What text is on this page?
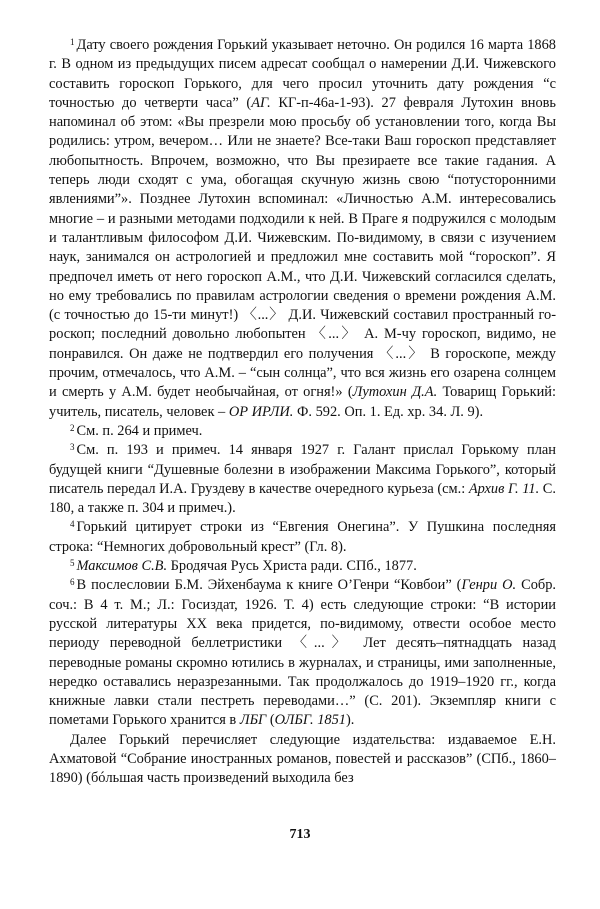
$^1$ Дату своего рождения Горький указывает неточно. Он родился 16 марта 1868 г. В одном из предыдущих писем адресат сообщал о намерении Д.И. Чижевского составить гороскоп Горького, для чего просил уточнить дату рождения “с точностью до четверти часа” (АГ. КГ-п-46а-1-93). 27 февраля Лутохин вновь напоминал об этом: «Вы презрели мою просьбу об установлении того, когда Вы родились: утром, вечером… Или не знаете? Все-таки Ваш гороскоп представляет любопытность. Впрочем, возможно, что Вы презираете все такие гадания. А теперь люди сходят с ума, обогащая скучную жизнь свою “потусторонними явлениями”». Позднее Лутохин вспоминал: «Личностью А.М. интересовались многие – и разными методами подходили к ней. В Праге я подружился с молодым и талантливым философом Д.И. Чижевским. По-видимому, в связи с изучением наук, занимался он астрологией и предложил мне составить мой “гороскоп”. Я предпочел иметь от него гороскоп А.М., что Д.И. Чижевский согласился сделать, но ему требовались по правилам астрологии сведения о времени рождения А.М. (с точностью до 15-ти минут!) 〈...〉 Д.И. Чижевский составил пространный гороскоп; последний довольно любопытен 〈...〉 А. М-чу гороскоп, видимо, не понравился. Он даже не подтвердил его получения 〈...〉 В гороскопе, между прочим, отмечалось, что А.М. – “сын солнца”, что вся жизнь его озарена солнцем и смерть у А.М. будет необычайная, от огня!» (Лутохин Д.А. Товарищ Горький: учитель, писатель, человек – ОР ИРЛИ. Ф. 592. Оп. 1. Ед. хр. 34. Л. 9).

$^2$ См. п. 264 и примеч.

$^3$ См. п. 193 и примеч. 14 января 1927 г. Галант прислал Горькому план будущей книги “Душевные болезни в изображении Максима Горького”, который писатель передал И.А. Груздеву в качестве очередного курьеза (см.: Архив Г. 11. С. 180, а также п. 304 и примеч.).

$^4$ Горький цитирует строки из “Евгения Онегина”. У Пушкина последняя строка: “Немногих добровольный крест” (Гл. 8).

$^5$ Максимов С.В. Бродячая Русь Христа ради. СПб., 1877.

$^6$ В послесловии Б.М. Эйхенбаума к книге О’Генри “Ковбои” (Генри О. Собр. соч.: В 4 т. М.; Л.: Госиздат, 1926. Т. 4) есть следующие строки: “В истории русской литературы XX века придется, по-видимому, отвести особое место периоду переводной беллетристики 〈...〉 Лет десять–пятнадцать назад переводные романы скромно ютились в журналах, и страницы, ими заполненные, нередко оставались неразрезанными. Так продолжалось до 1919–1920 гг., когда книжные лавки стали пестреть переводами…” (С. 201). Экземпляр книги с пометами Горького хранится в ЛБГ (ОЛБГ. 1851).

Далее Горький перечисляет следующие издательства: издаваемое Е.Н. Ахматовой “Собрание иностранных романов, повестей и рассказов” (СПб., 1860–1890) (бóльшая часть произведений выходила без

713
